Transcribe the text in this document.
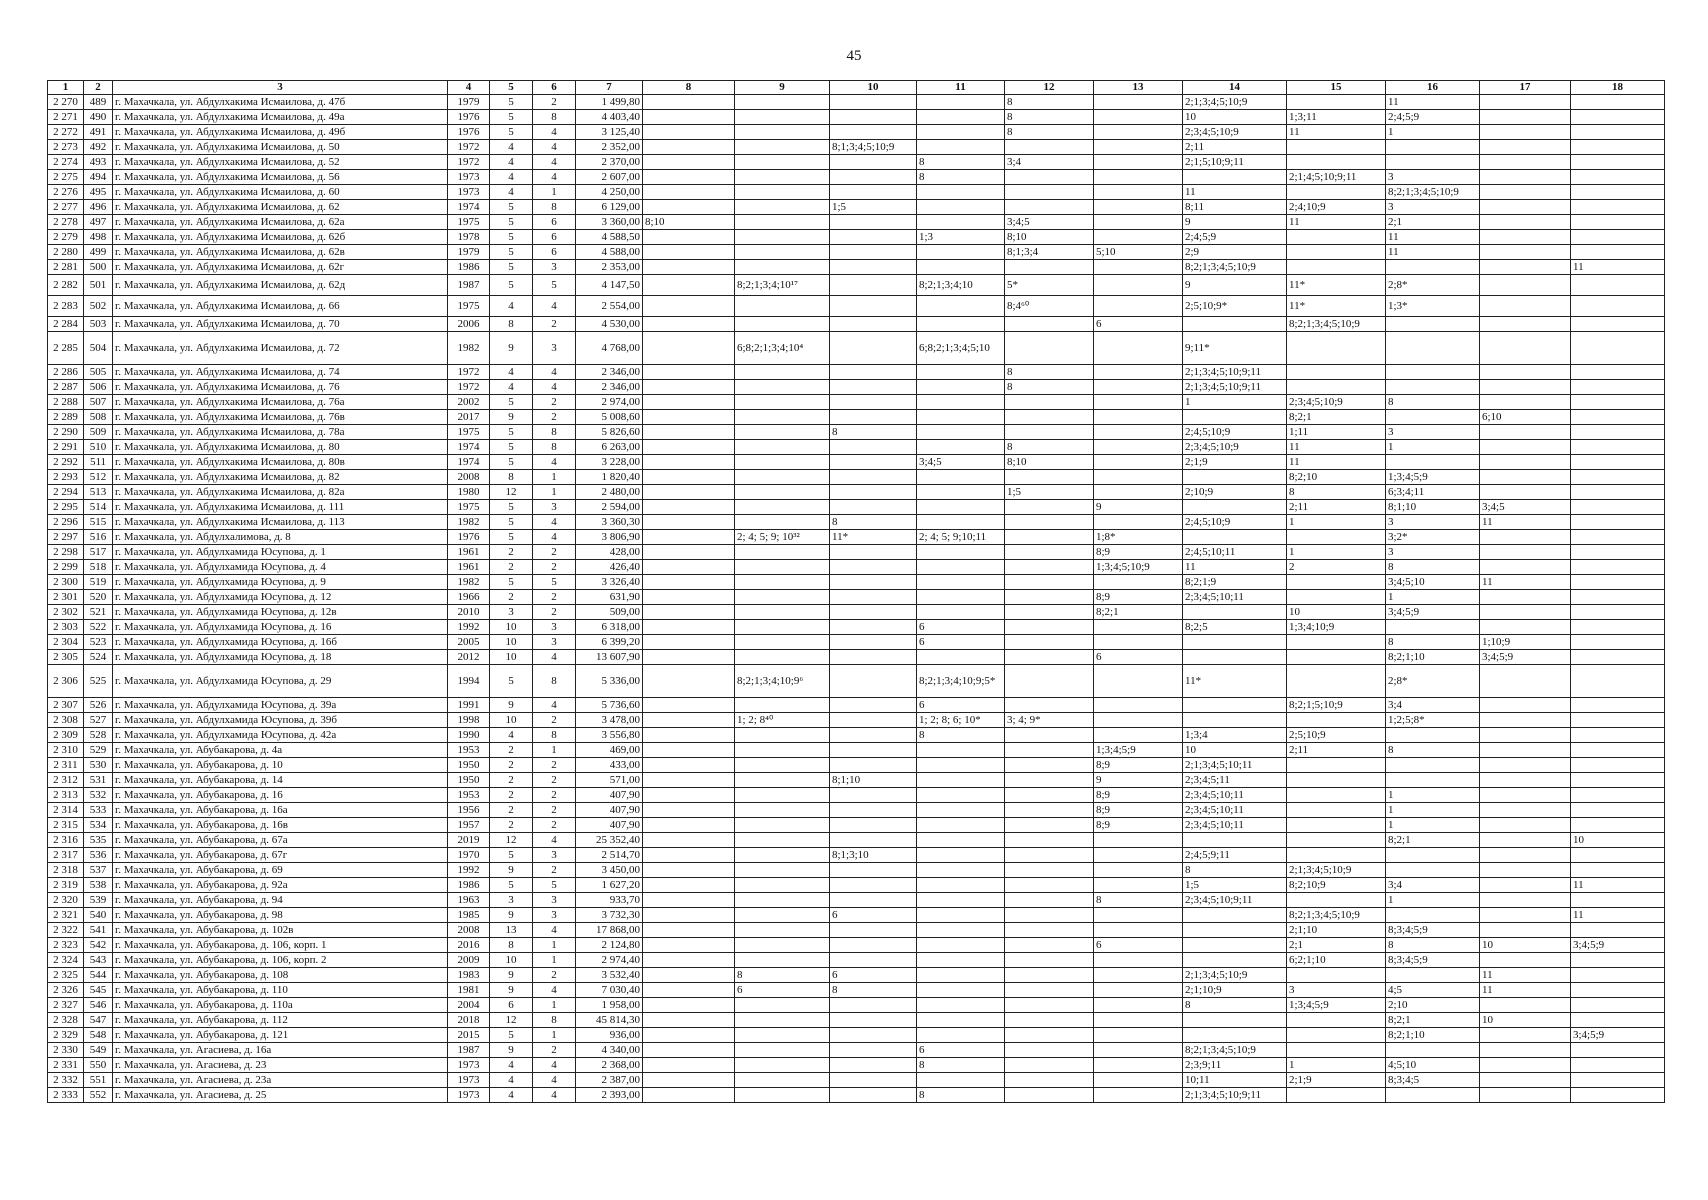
45
1	2	3	4	5	6	7	8	9	10	11	12	13	14	15	16	17	18
2 270	489	г. Махачкала, ул. Абдулхакима Исмаилова, д. 47б	1979	5	2	1 499,80					8		2;1;3;4;5;10;9		11		
2 271	490	г. Махачкала, ул. Абдулхакима Исмаилова, д. 49а	1976	5	8	4 403,40					8		10	1;3;11	2;4;5;9		
2 272	491	г. Махачкала, ул. Абдулхакима Исмаилова, д. 49б	1976	5	4	3 125,40					8		2;3;4;5;10;9	11	1		
2 273	492	г. Махачкала, ул. Абдулхакима Исмаилова, д. 50	1972	4	4	2 352,00			8;1;3;4;5;10;9				2;11				
2 274	493	г. Махачкала, ул. Абдулхакима Исмаилова, д. 52	1972	4	4	2 370,00				8	3;4		2;1;5;10;9;11				
2 275	494	г. Махачкала, ул. Абдулхакима Исмаилова, д. 56	1973	4	4	2 607,00				8				2;1;4;5;10;9;11	3		
2 276	495	г. Махачкала, ул. Абдулхакима Исмаилова, д. 60	1973	4	1	4 250,00							11		8;2;1;3;4;5;10;9		
2 277	496	г. Махачкала, ул. Абдулхакима Исмаилова, д. 62	1974	5	8	6 129,00			1;5				8;11	2;4;10;9	3		
2 278	497	г. Махачкала, ул. Абдулхакима Исмаилова, д. 62а	1975	5	6	3 360,00	8;10				3;4;5		9	11	2;1		
2 279	498	г. Махачкала, ул. Абдулхакима Исмаилова, д. 62б	1978	5	6	4 588,50				1;3	8;10		2;4;5;9		11		
2 280	499	г. Махачкала, ул. Абдулхакима Исмаилова, д. 62в	1979	5	6	4 588,00					8;1;3;4	5;10	2;9		11		
2 281	500	г. Махачкала, ул. Абдулхакима Исмаилова, д. 62г	1986	5	3	2 353,00							8;2;1;3;4;5;10;9				11
2 282	501	г. Махачкала, ул. Абдулхакима Исмаилова, д. 62д	1987	5	5	4 147,50		8;2;1;3;4;10¹⁷		8;2;1;3;4;10	5*		9	11*	2;8*		
2 283	502	г. Махачкала, ул. Абдулхакима Исмаилова, д. 66	1975	4	4	2 554,00					8;4⁶⁰		2;5;10;9*	11*	1;3*		
2 284	503	г. Махачкала, ул. Абдулхакима Исмаилова, д. 70	2006	8	2	4 530,00						6		8;2;1;3;4;5;10;9			
2 285	504	г. Махачкала, ул. Абдулхакима Исмаилова, д. 72	1982	9	3	4 768,00		6;8;2;1;3;4;10⁴		6;8;2;1;3;4;5;10			9;11*				
2 286	505	г. Махачкала, ул. Абдулхакима Исмаилова, д. 74	1972	4	4	2 346,00					8		2;1;3;4;5;10;9;11				
2 287	506	г. Махачкала, ул. Абдулхакима Исмаилова, д. 76	1972	4	4	2 346,00					8		2;1;3;4;5;10;9;11				
2 288	507	г. Махачкала, ул. Абдулхакима Исмаилова, д. 76а	2002	5	2	2 974,00							1	2;3;4;5;10;9	8		
2 289	508	г. Махачкала, ул. Абдулхакима Исмаилова, д. 76в	2017	9	2	5 008,60								8;2;1		6;10	
2 290	509	г. Махачкала, ул. Абдулхакима Исмаилова, д. 78а	1975	5	8	5 826,60			8				2;4;5;10;9	1;11	3		
2 291	510	г. Махачкала, ул. Абдулхакима Исмаилова, д. 80	1974	5	8	6 263,00					8		2;3;4;5;10;9	11	1		
2 292	511	г. Махачкала, ул. Абдулхакима Исмаилова, д. 80в	1974	5	4	3 228,00				3;4;5	8;10		2;1;9	11			
2 293	512	г. Махачкала, ул. Абдулхакима Исмаилова, д. 82	2008	8	1	1 820,40								8;2;10	1;3;4;5;9		
2 294	513	г. Махачкала, ул. Абдулхакима Исмаилова, д. 82а	1980	12	1	2 480,00					1;5		2;10;9	8	6;3;4;11		
2 295	514	г. Махачкала, ул. Абдулхакима Исмаилова, д. 111	1975	5	3	2 594,00						9		2;11	8;1;10	3;4;5	
2 296	515	г. Махачкала, ул. Абдулхакима Исмаилова, д. 113	1982	5	4	3 360,30			8				2;4;5;10;9	1	3	11	
2 297	516	г. Махачкала, ул. Абдулхалимова, д. 8	1976	5	4	3 806,90		2; 4; 5; 9; 10³²	11*	2; 4; 5; 9;10;11		1;8*			3;2*		
2 298	517	г. Махачкала, ул. Абдулхамида Юсупова, д. 1	1961	2	2	428,00						8;9	2;4;5;10;11	1	3		
2 299	518	г. Махачкала, ул. Абдулхамида Юсупова, д. 4	1961	2	2	426,40						1;3;4;5;10;9	11	2	8		
2 300	519	г. Махачкала, ул. Абдулхамида Юсупова, д. 9	1982	5	5	3 326,40							8;2;1;9		3;4;5;10	11	
2 301	520	г. Махачкала, ул. Абдулхамида Юсупова, д. 12	1966	2	2	631,90						8;9	2;3;4;5;10;11		1		
2 302	521	г. Махачкала, ул. Абдулхамида Юсупова, д. 12в	2010	3	2	509,00						8;2;1		10	3;4;5;9		
2 303	522	г. Махачкала, ул. Абдулхамида Юсупова, д. 16	1992	10	3	6 318,00				6			8;2;5	1;3;4;10;9			
2 304	523	г. Махачкала, ул. Абдулхамида Юсупова, д. 16б	2005	10	3	6 399,20				6					8	1;10;9	
2 305	524	г. Махачкала, ул. Абдулхамида Юсупова, д. 18	2012	10	4	13 607,90						6			8;2;1;10	3;4;5;9	
2 306	525	г. Махачкала, ул. Абдулхамида Юсупова, д. 29	1994	5	8	5 336,00		8;2;1;3;4;10;9⁶		8;2;1;3;4;10;9;5*			11*		2;8*		
2 307	526	г. Махачкала, ул. Абдулхамида Юсупова, д. 39а	1991	9	4	5 736,60				6				8;2;1;5;10;9	3;4		
2 308	527	г. Махачкала, ул. Абдулхамида Юсупова, д. 39б	1998	10	2	3 478,00		1; 2; 8⁴⁰		1; 2; 8; 6; 10*	3; 4; 9*				1;2;5;8*		
2 309	528	г. Махачкала, ул. Абдулхамида Юсупова, д. 42а	1990	4	8	3 556,80				8			1;3;4	2;5;10;9			
2 310	529	г. Махачкала, ул. Абубакарова, д. 4а	1953	2	1	469,00						1;3;4;5;9	10	2;11	8		
2 311	530	г. Махачкала, ул. Абубакарова, д. 10	1950	2	2	433,00						8;9	2;1;3;4;5;10;11				
2 312	531	г. Махачкала, ул. Абубакарова, д. 14	1950	2	2	571,00			8;1;10			9	2;3;4;5;11				
2 313	532	г. Махачкала, ул. Абубакарова, д. 16	1953	2	2	407,90						8;9	2;3;4;5;10;11		1		
2 314	533	г. Махачкала, ул. Абубакарова, д. 16а	1956	2	2	407,90						8;9	2;3;4;5;10;11		1		
2 315	534	г. Махачкала, ул. Абубакарова, д. 16в	1957	2	2	407,90						8;9	2;3;4;5;10;11		1		
2 316	535	г. Махачкала, ул. Абубакарова, д. 67а	2019	12	4	25 352,40									8;2;1		10
2 317	536	г. Махачкала, ул. Абубакарова, д. 67г	1970	5	3	2 514,70			8;1;3;10				2;4;5;9;11				
2 318	537	г. Махачкала, ул. Абубакарова, д. 69	1992	9	2	3 450,00							8	2;1;3;4;5;10;9			
2 319	538	г. Махачкала, ул. Абубакарова, д. 92а	1986	5	5	1 627,20							1;5	8;2;10;9	3;4		11
2 320	539	г. Махачкала, ул. Абубакарова, д. 94	1963	3	3	933,70						8	2;3;4;5;10;9;11		1		
2 321	540	г. Махачкала, ул. Абубакарова, д. 98	1985	9	3	3 732,30			6					8;2;1;3;4;5;10;9			11
2 322	541	г. Махачкала, ул. Абубакарова, д. 102в	2008	13	4	17 868,00								2;1;10	8;3;4;5;9		
2 323	542	г. Махачкала, ул. Абубакарова, д. 106, корп. 1	2016	8	1	2 124,80						6		2;1	8	10	3;4;5;9
2 324	543	г. Махачкала, ул. Абубакарова, д. 106, корп. 2	2009	10	1	2 974,40								6;2;1;10	8;3;4;5;9		
2 325	544	г. Махачкала, ул. Абубакарова, д. 108	1983	9	2	3 532,40		8	6				2;1;3;4;5;10;9			11	
2 326	545	г. Махачкала, ул. Абубакарова, д. 110	1981	9	4	7 030,40		6	8				2;1;10;9	3	4;5	11	
2 327	546	г. Махачкала, ул. Абубакарова, д. 110а	2004	6	1	1 958,00							8	1;3;4;5;9	2;10		
2 328	547	г. Махачкала, ул. Абубакарова, д. 112	2018	12	8	45 814,30									8;2;1	10	
2 329	548	г. Махачкала, ул. Абубакарова, д. 121	2015	5	1	936,00									8;2;1;10		3;4;5;9
2 330	549	г. Махачкала, ул. Агасиева, д. 16а	1987	9	2	4 340,00				6			8;2;1;3;4;5;10;9				
2 331	550	г. Махачкала, ул. Агасиева, д. 23	1973	4	4	2 368,00				8			2;3;9;11	1	4;5;10		
2 332	551	г. Махачкала, ул. Агасиева, д. 23а	1973	4	4	2 387,00							10;11	2;1;9	8;3;4;5		
2 333	552	г. Махачкала, ул. Агасиева, д. 25	1973	4	4	2 393,00				8			2;1;3;4;5;10;9;11				
